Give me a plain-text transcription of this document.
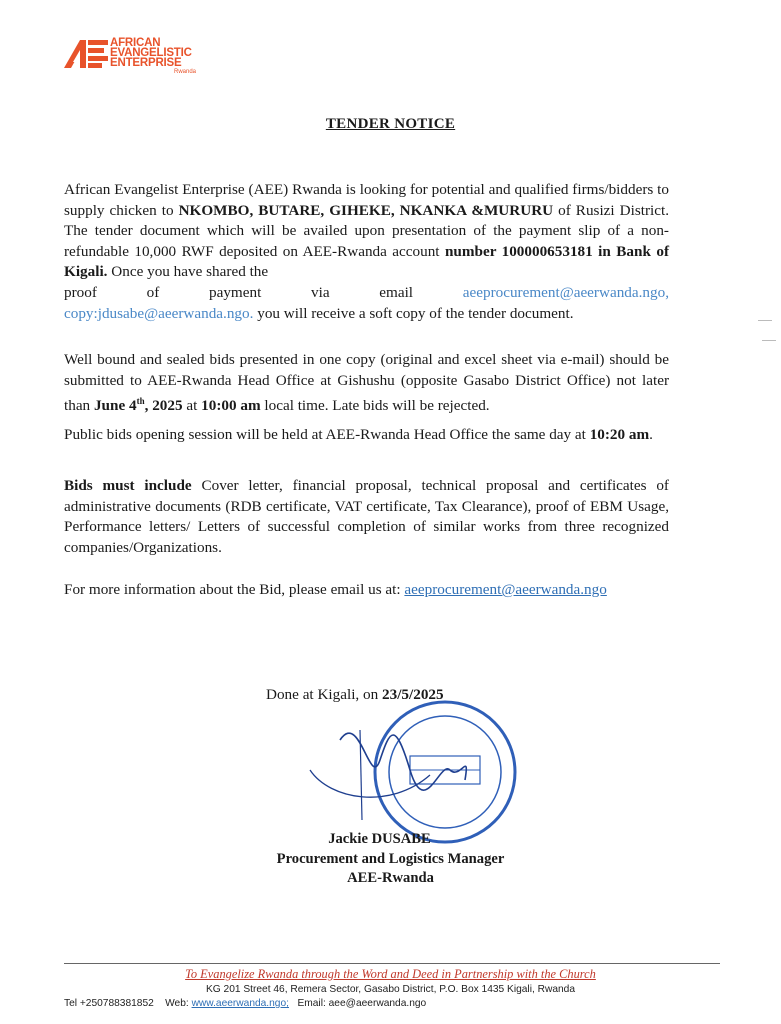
AFRICAN
EVANGELISTIC
ENTERPRISE
Rwanda
TENDER NOTICE
African Evangelist Enterprise (AEE) Rwanda is looking for potential and qualified firms/bidders to supply chicken to NKOMBO, BUTARE, GIHEKE, NKANKA &MURURU of Rusizi District. The tender document which will be availed upon presentation of the payment slip of a non-refundable 10,000 RWF deposited on AEE-Rwanda account number 100000653181 in Bank of Kigali. Once you have shared the
proof	of	payment	via	email	aeeprocurement@aeerwanda.ngo,
copy:jdusabe@aeerwanda.ngo. you will receive a soft copy of the tender document.
Well bound and sealed bids presented in one copy (original and excel sheet via e-mail) should be submitted to AEE-Rwanda Head Office at Gishushu (opposite Gasabo District Office) not later than June 4th, 2025 at 10:00 am local time. Late bids will be rejected.
Public bids opening session will be held at AEE-Rwanda Head Office the same day at 10:20 am.
Bids must include Cover letter, financial proposal, technical proposal and certificates of administrative documents (RDB certificate, VAT certificate, Tax Clearance), proof of EBM Usage, Performance letters/ Letters of successful completion of similar works from three recognized companies/Organizations.
For more information about the Bid, please email us at: aeeprocurement@aeerwanda.ngo
Done at Kigali, on 23/5/2025
Jackie DUSABE
Procurement and Logistics Manager
AEE-Rwanda
To Evangelize Rwanda through the Word and Deed in Partnership with the Church
KG 201 Street 46, Remera Sector, Gasabo District, P.O. Box 1435 Kigali, Rwanda
Tel +250788381852 Web: www.aeerwanda.ngo; Email: aee@aeerwanda.ngo
